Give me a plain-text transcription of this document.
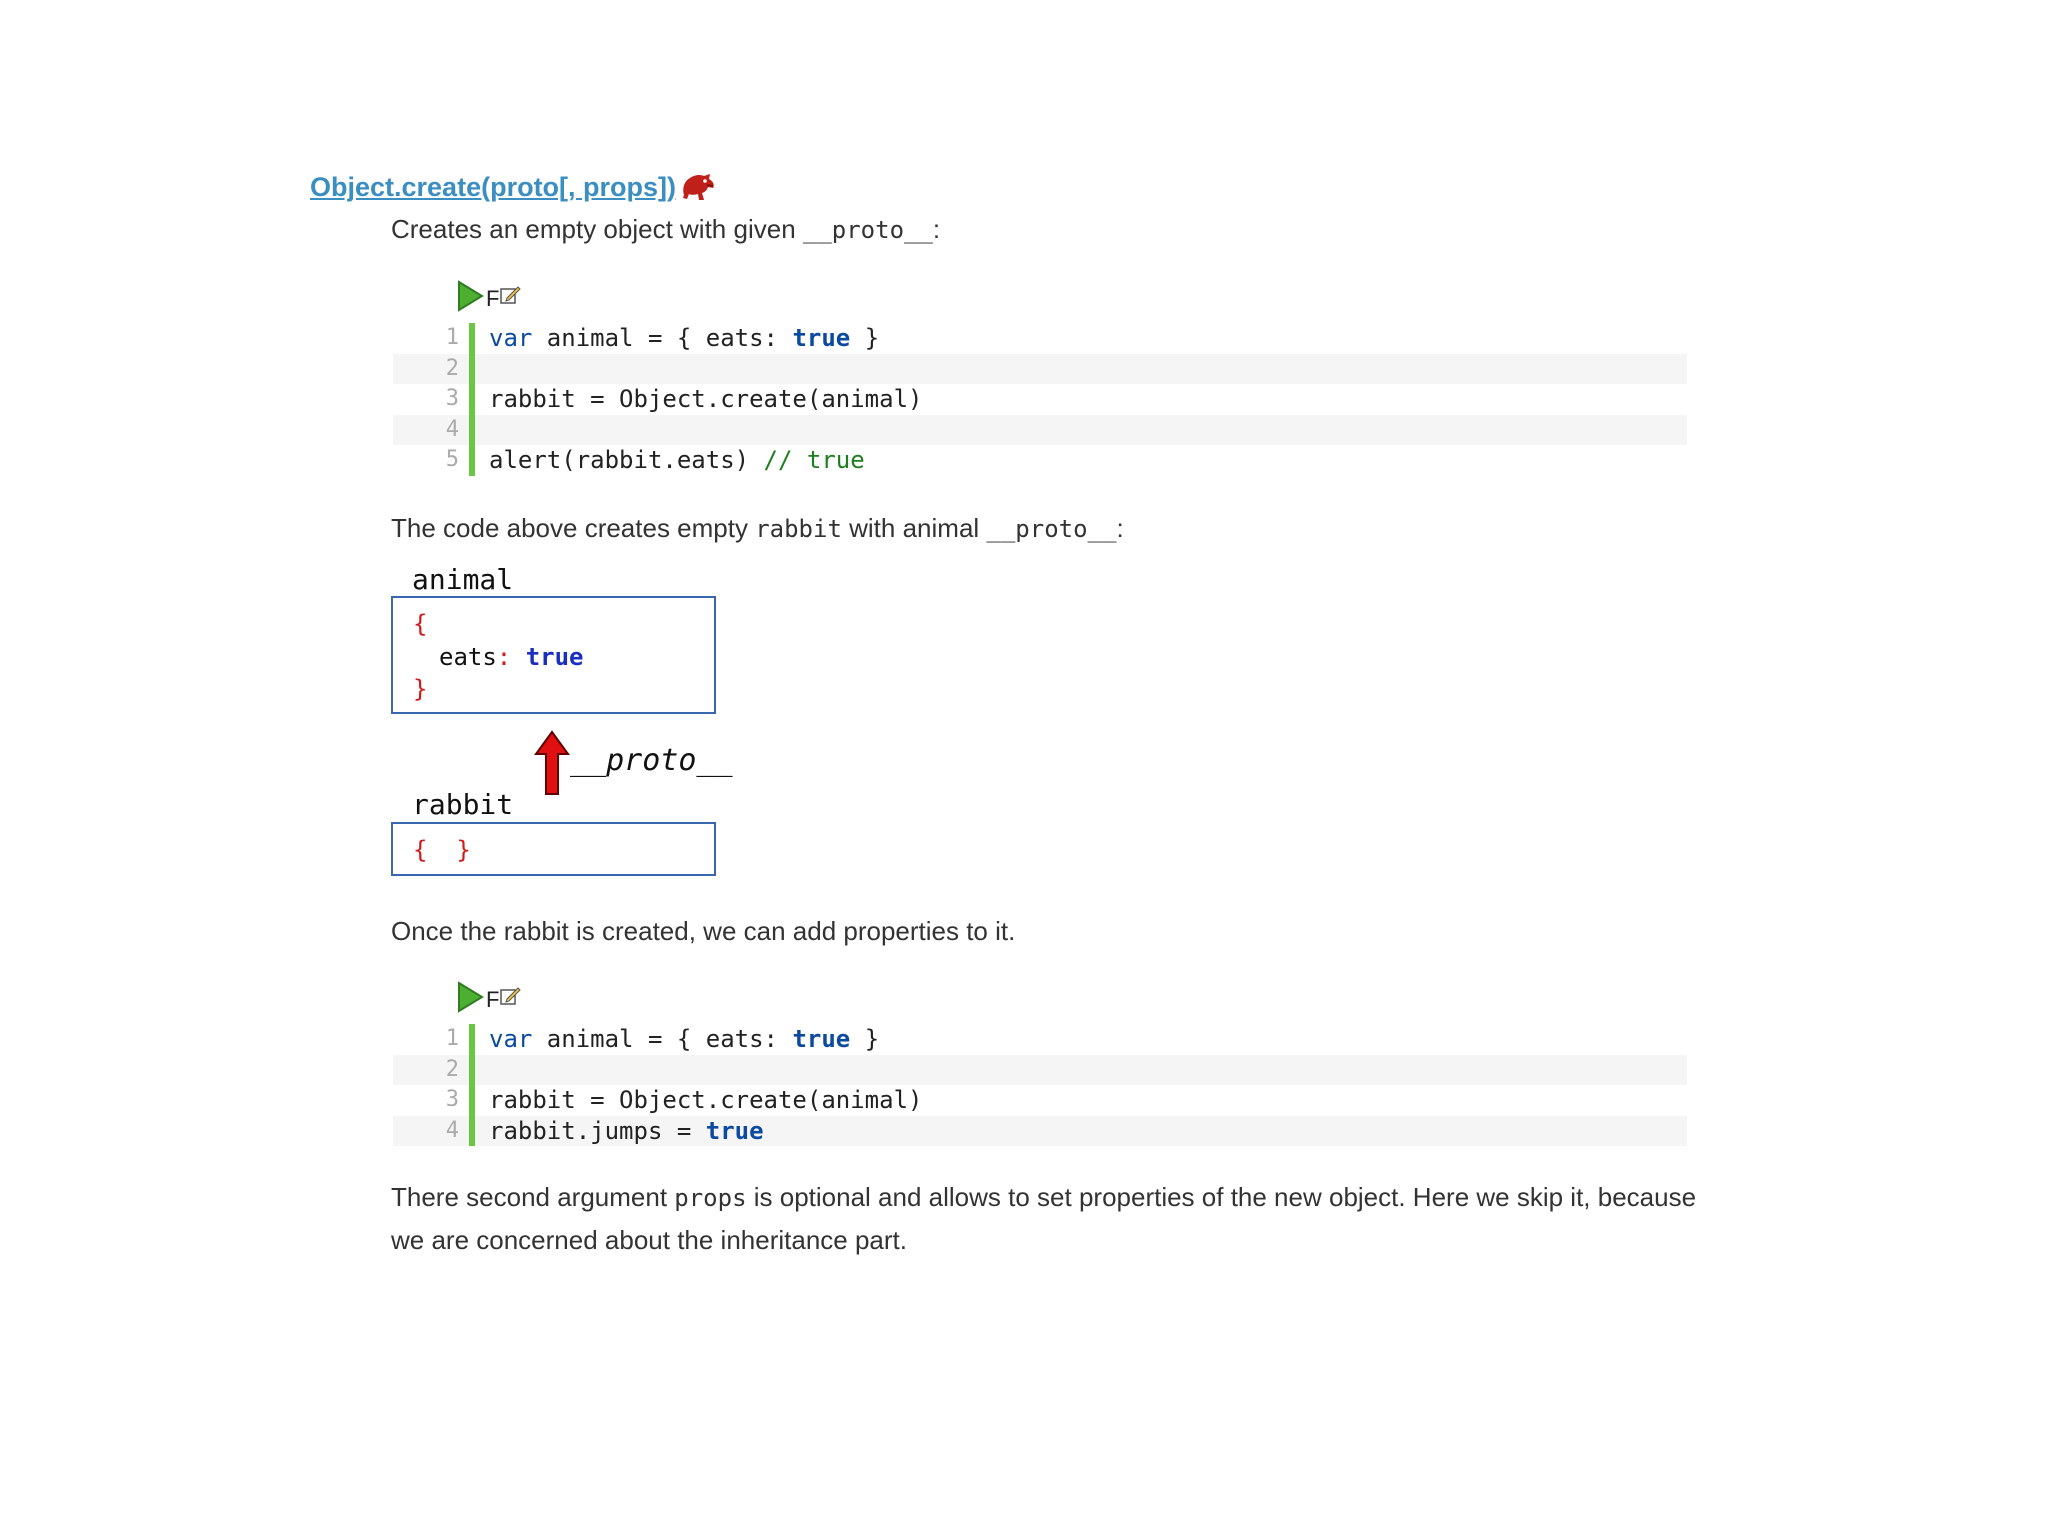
Object.create(proto[, props])
Creates an empty object with given __proto__:
F
1	var animal = { eats: true }
2
3	rabbit = Object.create(animal)
4
5	alert(rabbit.eats) // true
The code above creates empty rabbit with animal __proto__:
animal
{
eats: true
}
__proto__
rabbit
{  }
Once the rabbit is created, we can add properties to it.
F
1	var animal = { eats: true }
2
3	rabbit = Object.create(animal)
4	rabbit.jumps = true
There second argument props is optional and allows to set properties of the new object. Here we skip it, because we are concerned about the inheritance part.
